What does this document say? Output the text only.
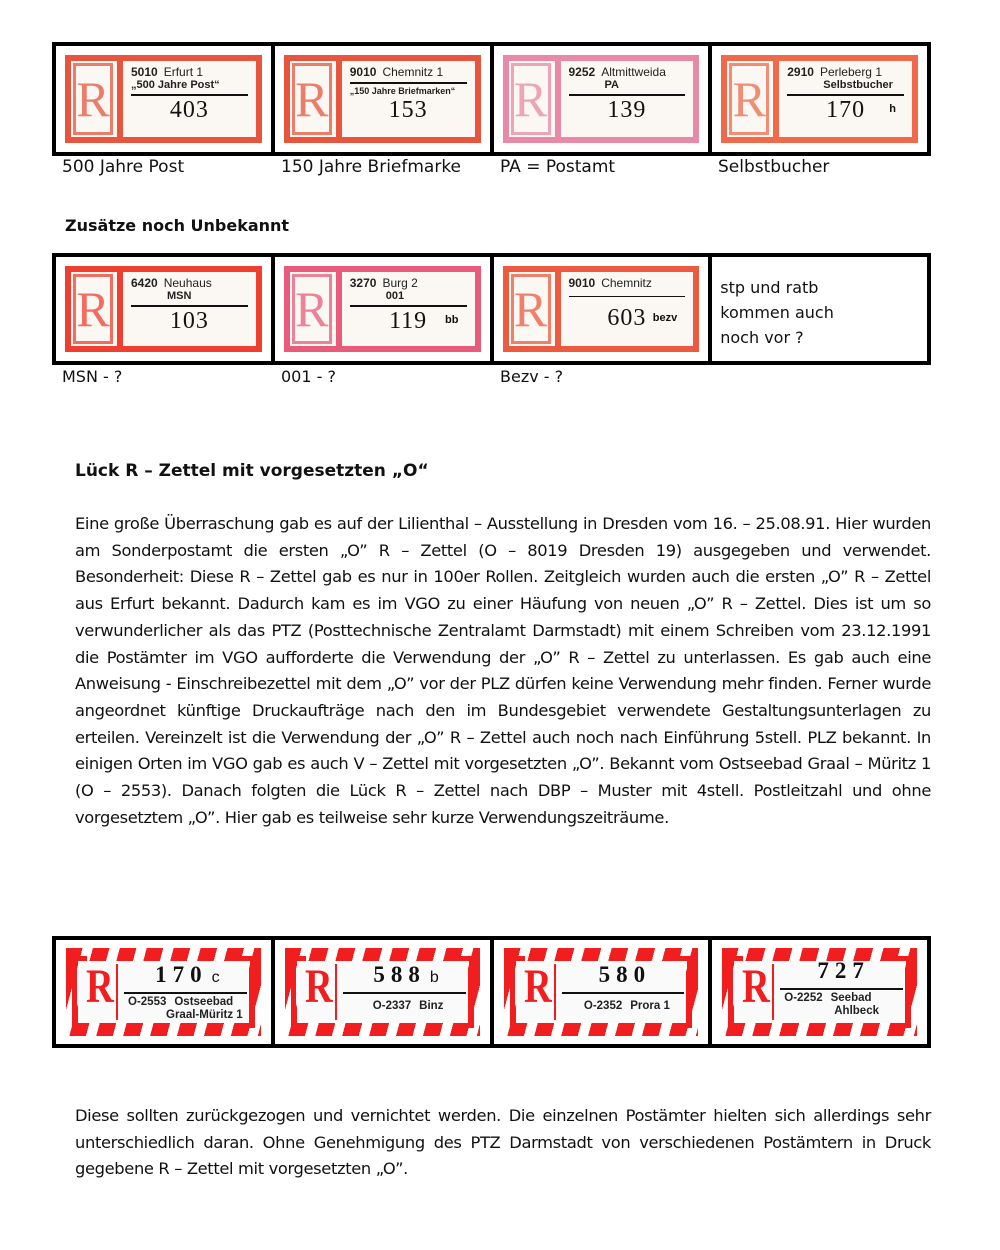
R 5010 Erfurt 1
„500 Jahre Post“
403	R 9010 Chemnitz 1
„150 Jahre Briefmarken“
153	R 9252 Altmittweida
PA
139	R 2910 Perleberg 1
Selbstbucher
170	h
500 Jahre Post	150 Jahre Briefmarke PA = Postamt	Selbstbucher
Zusätze noch Unbekannt
R 6420 Neuhaus
MSN
103	R 3270 Burg 2
001
119	bb R 9010 Chemnitz
603 bezv
stp und ratb
kommen auch
noch vor ?
MSN - ?	001 - ?	Bezv - ?
Lück R – Zettel mit vorgesetzten „O“
Eine große Überraschung gab es auf der Lilienthal – Ausstellung in Dresden vom 16. – 25.08.91. Hier wurden am Sonderpostamt die ersten „O” R – Zettel (O – 8019 Dresden 19) ausgegeben und verwendet. Besonderheit: Diese R – Zettel gab es nur in 100er Rollen. Zeitgleich wurden auch die ersten „O” R – Zettel aus Erfurt bekannt. Dadurch kam es im VGO zu einer Häufung von neuen „O” R – Zettel. Dies ist um so verwunderlicher als das PTZ (Posttechnische Zentralamt Darmstadt) mit einem Schreiben vom 23.12.1991 die Postämter im VGO aufforderte die Verwendung der „O” R – Zettel zu unterlassen. Es gab auch eine Anweisung - Einschreibezettel mit dem „O” vor der PLZ dürfen keine Verwendung mehr finden. Ferner wurde angeordnet künftige Druckaufträge nach den im Bundesgebiet verwendete Gestaltungsunterlagen zu erteilen. Vereinzelt ist die Verwendung der „O” R – Zettel auch noch nach Einführung 5stell. PLZ bekannt. In einigen Orten im VGO gab es auch V – Zettel mit vorgesetzten „O”. Bekannt vom Ostseebad Graal – Müritz 1 (O – 2553). Danach folgten die Lück R – Zettel nach DBP – Muster mit 4stell. Postleitzahl und ohne vorgesetztem „O”. Hier gab es teilweise sehr kurze Verwendungszeiträume.
R	170 c
O-2553 Ostseebad
Graal-Müritz 1
R	588 b
O-2337 Binz	R	580
O-2352 Prora 1	R	727
O-2252 Seebad
Ahlbeck
Diese sollten zurückgezogen und vernichtet werden. Die einzelnen Postämter hielten sich allerdings sehr unterschiedlich daran. Ohne Genehmigung des PTZ Darmstadt von verschiedenen Postämtern in Druck gegebene R – Zettel mit vorgesetzten „O”.
